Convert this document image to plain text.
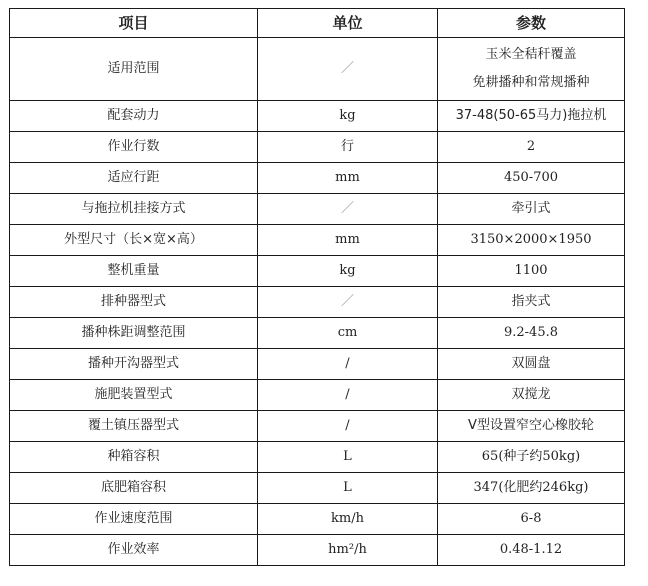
项目	单位	参数
适用范围	／	玉米全秸秆覆盖
免耕播种和常规播种

配套动力	kg	37-48(50-65马力)拖拉机
作业行数	行	2
适应行距	mm	450-700
与拖拉机挂接方式	／	牵引式
外型尺寸（长×宽×高）	mm	3150×2000×1950
整机重量	kg	1100
排种器型式	／	指夹式
播种株距调整范围	cm	9.2-45.8
播种开沟器型式	/	双圆盘
施肥装置型式	/	双搅龙
覆土镇压器型式	/	V型设置窄空心橡胶轮
种箱容积	L	65(种子约50kg)
底肥箱容积	L	347(化肥约246kg)
作业速度范围	km/h	6-8
作业效率	hm²/h	0.48-1.12
